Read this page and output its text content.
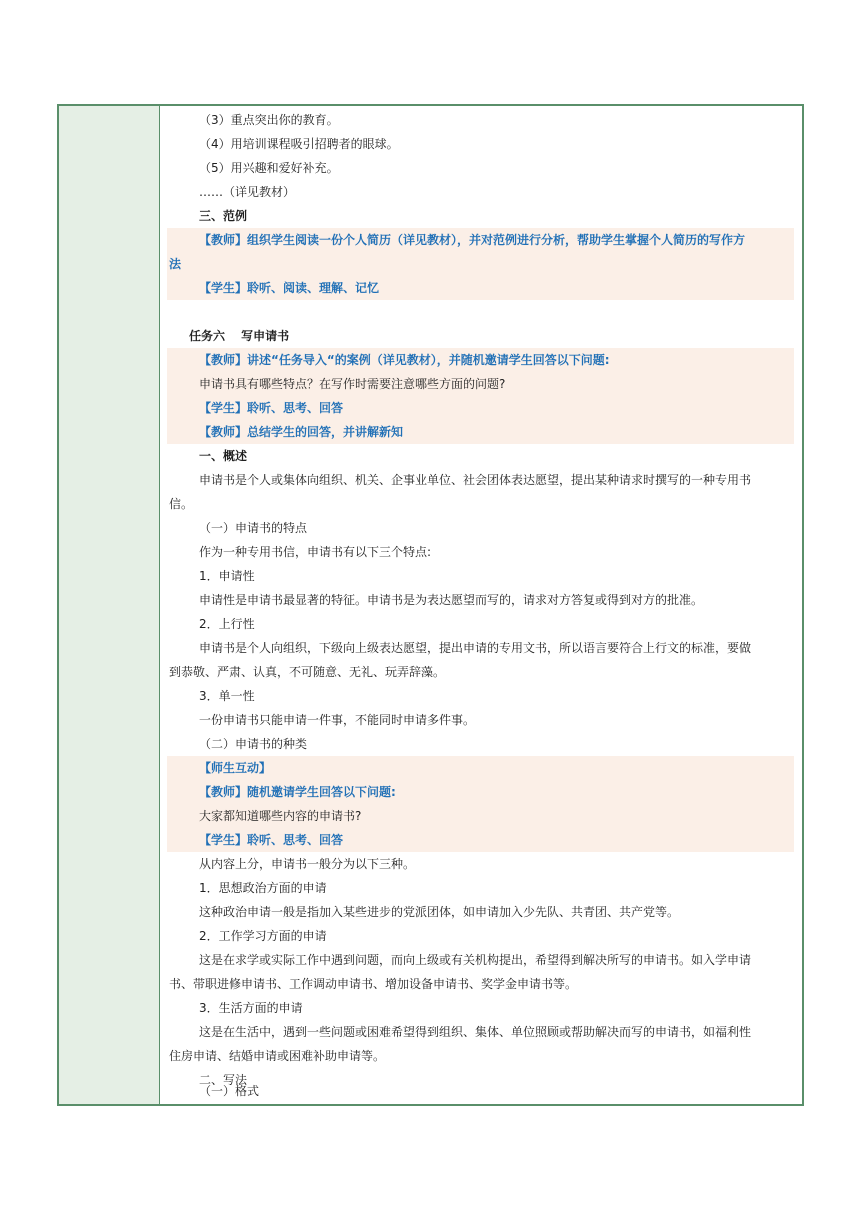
（3）重点突出你的教育。
（4）用培训课程吸引招聘者的眼球。
（5）用兴趣和爱好补充。
……（详见教材）
三、范例
【教师】组织学生阅读一份个人简历（详见教材），并对范例进行分析，帮助学生掌握个人简历的写作方
法
【学生】聆听、阅读、理解、记忆
任务六　 写申请书
【教师】讲述“任务导入“的案例（详见教材），并随机邀请学生回答以下问题:
申请书具有哪些特点？在写作时需要注意哪些方面的问题?
【学生】聆听、思考、回答
【教师】总结学生的回答，并讲解新知
一、概述
申请书是个人或集体向组织、机关、企事业单位、社会团体表达愿望，提出某种请求时撰写的一种专用书
信。
（一）申请书的特点
作为一种专用书信，申请书有以下三个特点:
1．申请性
申请性是申请书最显著的特征。申请书是为表达愿望而写的，请求对方答复或得到对方的批准。
2．上行性
申请书是个人向组织，下级向上级表达愿望，提出申请的专用文书，所以语言要符合上行文的标准，要做
到恭敬、严肃、认真，不可随意、无礼、玩弄辞藻。
3．单一性
一份申请书只能申请一件事，不能同时申请多件事。
（二）申请书的种类
【师生互动】
【教师】随机邀请学生回答以下问题:
大家都知道哪些内容的申请书?
【学生】聆听、思考、回答
从内容上分，申请书一般分为以下三种。
1．思想政治方面的申请
这种政治申请一般是指加入某些进步的党派团体，如申请加入少先队、共青团、共产党等。
2．工作学习方面的申请
这是在求学或实际工作中遇到问题，而向上级或有关机构提出，希望得到解决所写的申请书。如入学申请
书、带职进修申请书、工作调动申请书、增加设备申请书、奖学金申请书等。
3．生活方面的申请
这是在生活中，遇到一些问题或困难希望得到组织、集体、单位照顾或帮助解决而写的申请书，如福利性
住房申请、结婚申请或困难补助申请等。
二、写法
（一）格式
